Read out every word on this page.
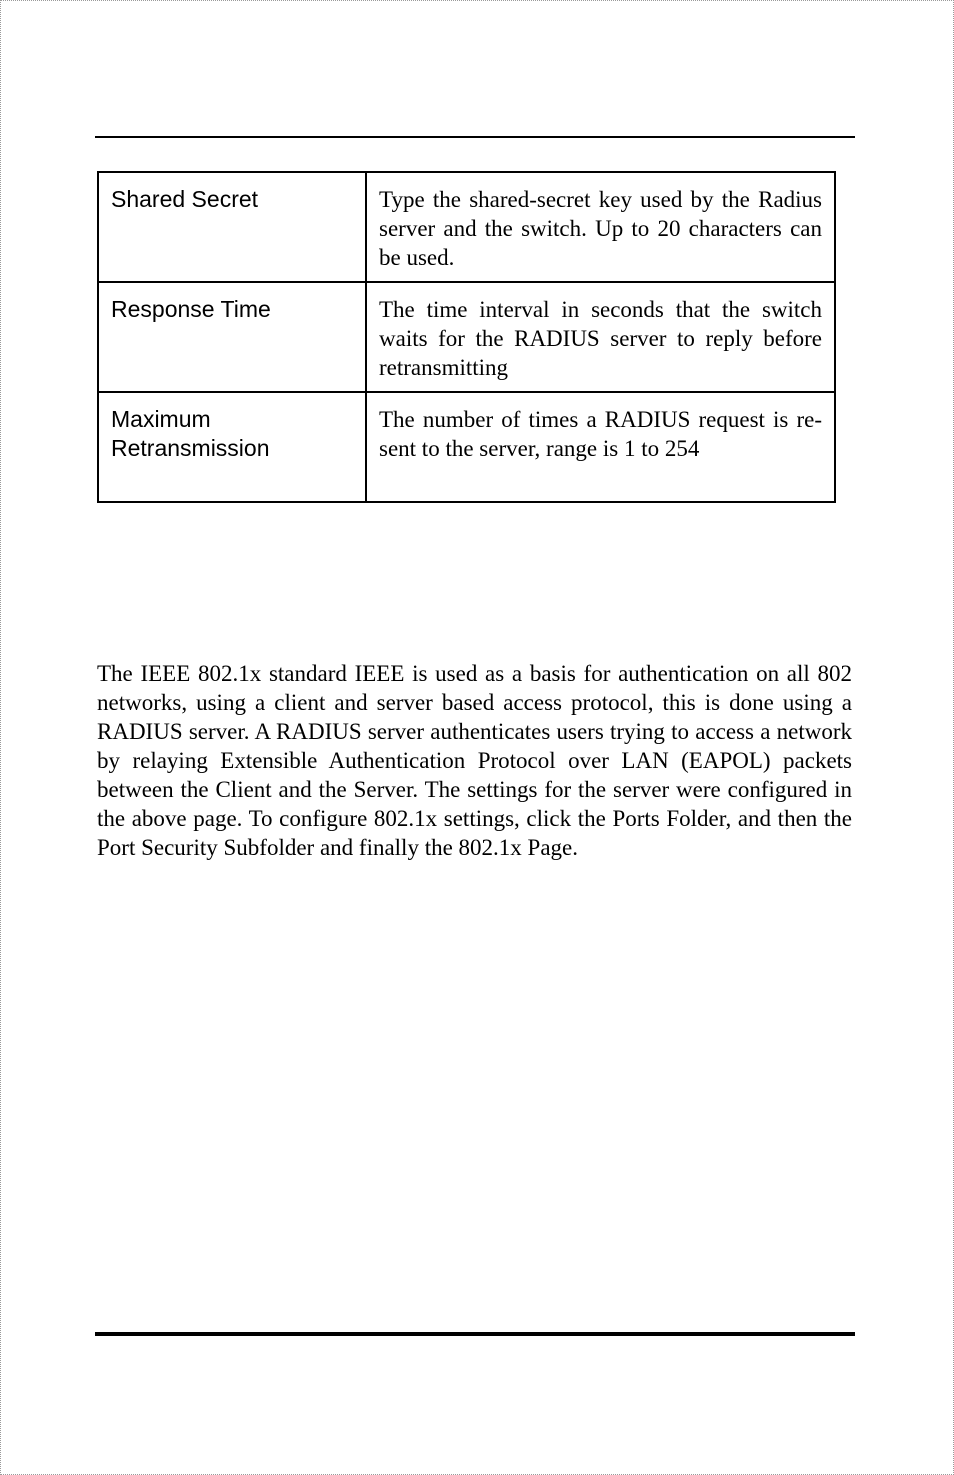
Shared Secret	Type the shared-secret key used by the Radius server and the switch. Up to 20 characters can be used.
Response Time	The time interval in seconds that the switch waits for the RADIUS server to reply before retransmitting
Maximum Retransmission	The number of times a RADIUS request is re-sent to the server, range is 1 to 254

The IEEE 802.1x standard IEEE is used as a basis for authentication on all 802 networks, using a client and server based access protocol, this is done using a RADIUS server. A RADIUS server authenticates users trying to access a network by relaying Extensible Authentication Protocol over LAN (EAPOL) packets between the Client and the Server. The settings for the server were configured in the above page. To configure 802.1x settings, click the Ports Folder, and then the Port Security Subfolder and finally the 802.1x Page.
